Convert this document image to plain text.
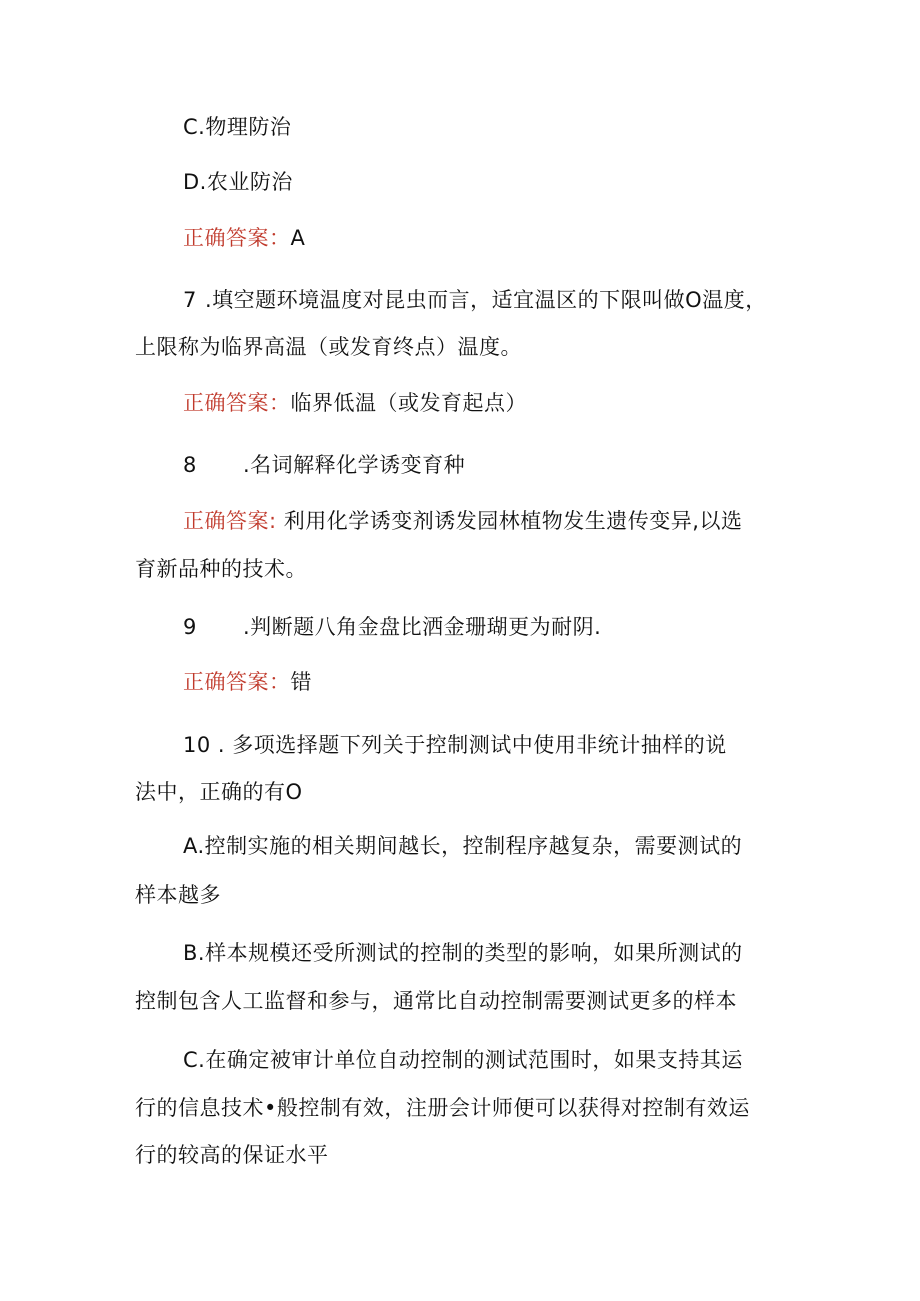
C.物理防治
D.农业防治
正确答案：A
7 .填空题环境温度对昆虫而言，适宜温区的下限叫做O温度，
上限称为临界高温（或发育终点）温度。
正确答案：临界低温（或发育起点）
8 .名词解释化学诱变育种
正确答案: 利用化学诱变剂诱发园林植物发生遗传变异,以选
育新品种的技术。
9 .判断题八角金盘比洒金珊瑚更为耐阴.
正确答案：错
10 . 多项选择题下列关于控制测试中使用非统计抽样的说
法中，正确的有O
A.控制实施的相关期间越长，控制程序越复杂，需要测试的
样本越多
B.样本规模还受所测试的控制的类型的影响，如果所测试的
控制包含人工监督和参与，通常比自动控制需要测试更多的样本
C.在确定被审计单位自动控制的测试范围时，如果支持其运
行的信息技术•般控制有效，注册会计师便可以获得对控制有效运
行的较高的保证水平
